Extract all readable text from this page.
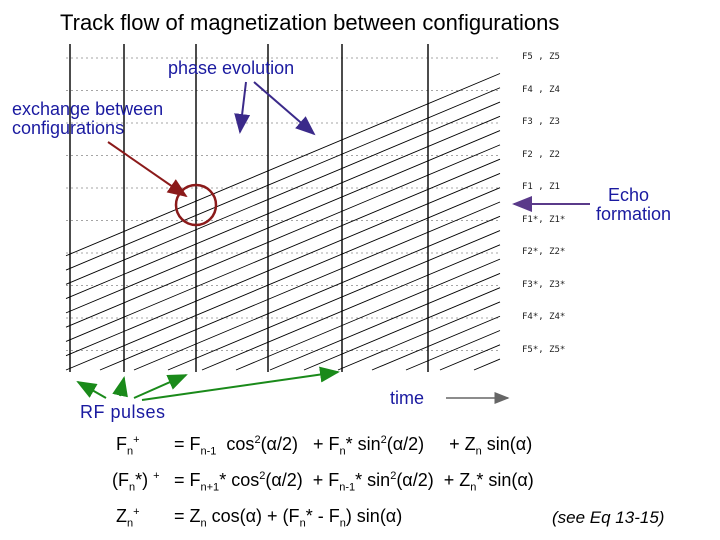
Track flow of magnetization between configurations
F5 , Z5
F4 , Z4
F3 , Z3
F2 , Z2
F1 , Z1
F1*, Z1*
F2*, Z2*
F3*, Z3*
F4*, Z4*
F5*, Z5*
phase evolution
exchange between
configurations
Echo
formation
time
RF pulses
$F_n^+ = F_{n-1}$  $\cos^2(\alpha/2) + F_n*$ $\sin^2(\alpha/2)$     + $Z_n$ sin(α)
$(F_n*) ^+ = F_{n+1}*$ $\cos^2(\alpha/2) + F_{n-1}*$ $\sin^2(\alpha/2) + Z_n*$ sin(α)
$Z_n^+ = Z_n$ $\cos(\alpha) + (F_n* - F_n)$ sin(α)	(see Eq 13-15)
